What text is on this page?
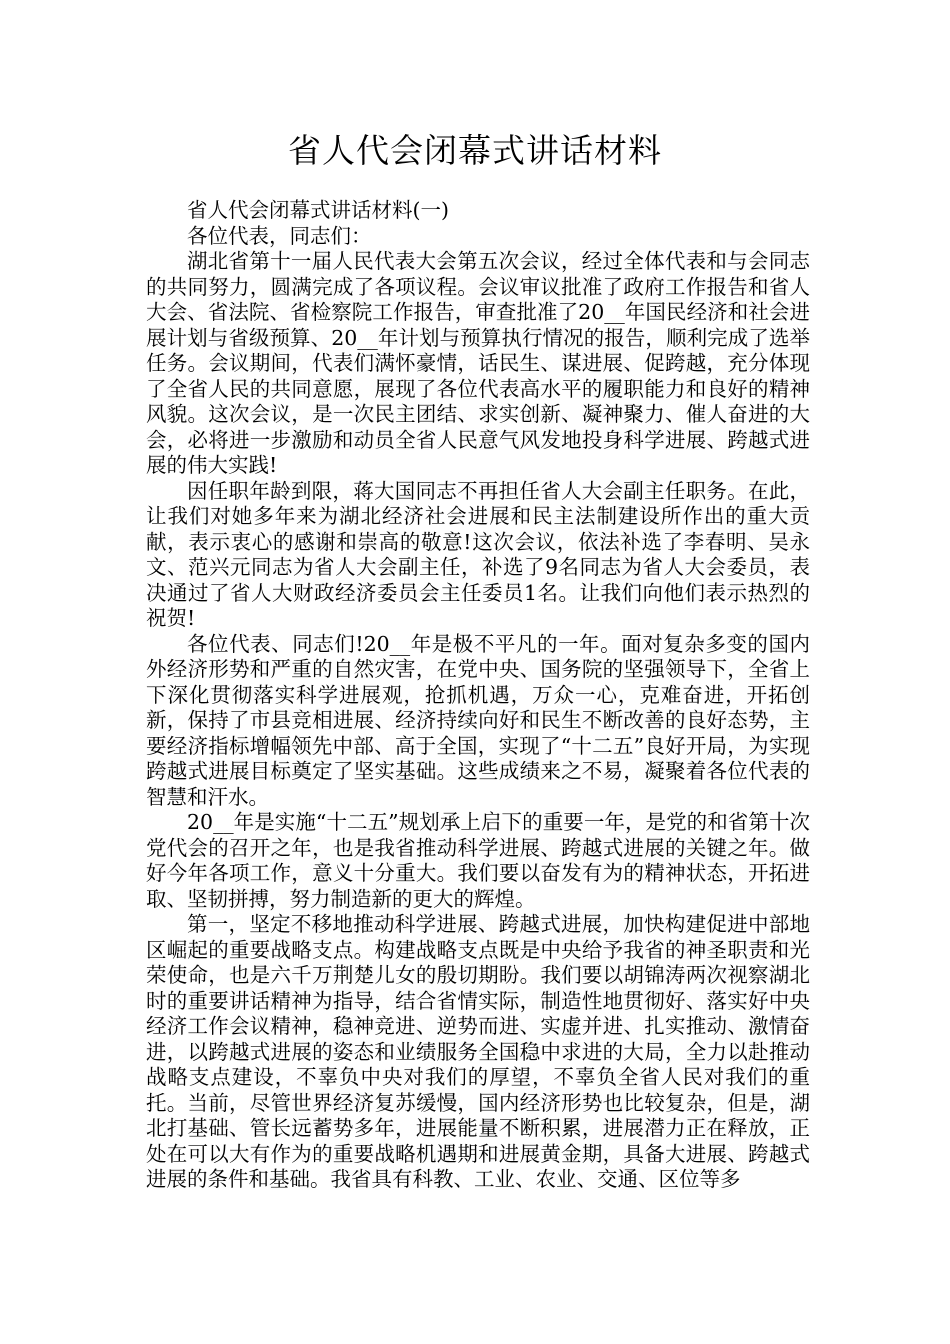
省人代会闭幕式讲话材料

省人代会闭幕式讲话材料(一)

各位代表，同志们：

湖北省第十一届人民代表大会第五次会议，经过全体代表和与会同志的共同努力，圆满完成了各项议程。会议审议批准了政府工作报告和省人大会、省法院、省检察院工作报告，审查批准了20__年国民经济和社会进展计划与省级预算、20__年计划与预算执行情况的报告，顺利完成了选举任务。会议期间，代表们满怀豪情，话民生、谋进展、促跨越，充分体现了全省人民的共同意愿，展现了各位代表高水平的履职能力和良好的精神风貌。这次会议，是一次民主团结、求实创新、凝神聚力、催人奋进的大会，必将进一步激励和动员全省人民意气风发地投身科学进展、跨越式进展的伟大实践!

因任职年龄到限，蒋大国同志不再担任省人大会副主任职务。在此，让我们对她多年来为湖北经济社会进展和民主法制建设所作出的重大贡献，表示衷心的感谢和崇高的敬意!这次会议，依法补选了李春明、吴永文、范兴元同志为省人大会副主任，补选了9名同志为省人大会委员，表决通过了省人大财政经济委员会主任委员1名。让我们向他们表示热烈的祝贺!

各位代表、同志们!20__年是极不平凡的一年。面对复杂多变的国内外经济形势和严重的自然灾害，在党中央、国务院的坚强领导下，全省上下深化贯彻落实科学进展观，抢抓机遇，万众一心，克难奋进，开拓创新，保持了市县竞相进展、经济持续向好和民生不断改善的良好态势，主要经济指标增幅领先中部、高于全国，实现了“十二五”良好开局，为实现跨越式进展目标奠定了坚实基础。这些成绩来之不易，凝聚着各位代表的智慧和汗水。

20__年是实施“十二五”规划承上启下的重要一年，是党的和省第十次党代会的召开之年，也是我省推动科学进展、跨越式进展的关键之年。做好今年各项工作，意义十分重大。我们要以奋发有为的精神状态，开拓进取、坚韧拼搏，努力制造新的更大的辉煌。

第一，坚定不移地推动科学进展、跨越式进展，加快构建促进中部地区崛起的重要战略支点。构建战略支点既是中央给予我省的神圣职责和光荣使命，也是六千万荆楚儿女的殷切期盼。我们要以胡锦涛两次视察湖北时的重要讲话精神为指导，结合省情实际，制造性地贯彻好、落实好中央经济工作会议精神，稳神竞进、逆势而进、实虚并进、扎实推动、激情奋进，以跨越式进展的姿态和业绩服务全国稳中求进的大局，全力以赴推动战略支点建设，不辜负中央对我们的厚望，不辜负全省人民对我们的重托。当前，尽管世界经济复苏缓慢，国内经济形势也比较复杂，但是，湖北打基础、管长远蓄势多年，进展能量不断积累，进展潜力正在释放，正处在可以大有作为的重要战略机遇期和进展黄金期，具备大进展、跨越式进展的条件和基础。我省具有科教、工业、农业、交通、区位等多
